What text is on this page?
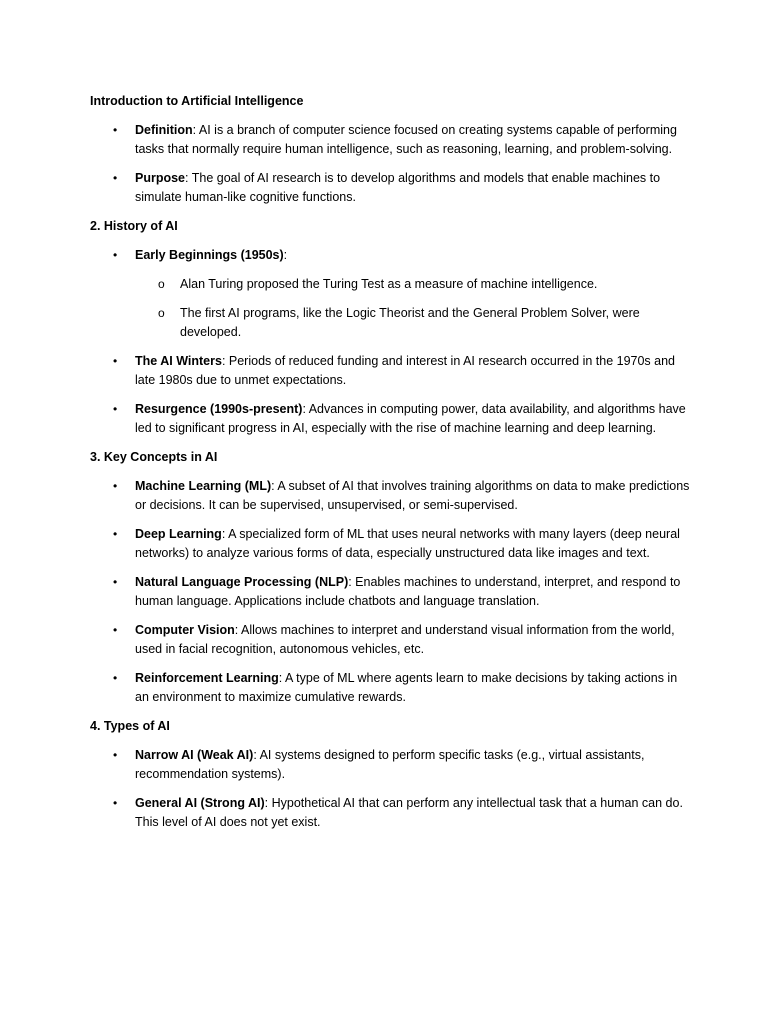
Introduction to Artificial Intelligence
•	Definition: AI is a branch of computer science focused on creating systems capable of performing tasks that normally require human intelligence, such as reasoning, learning, and problem-solving.
•	Purpose: The goal of AI research is to develop algorithms and models that enable machines to simulate human-like cognitive functions.
2. History of AI
•	Early Beginnings (1950s):
o Alan Turing proposed the Turing Test as a measure of machine intelligence.
o The first AI programs, like the Logic Theorist and the General Problem Solver, were developed.
•	The AI Winters: Periods of reduced funding and interest in AI research occurred in the 1970s and late 1980s due to unmet expectations.
•	Resurgence (1990s-present): Advances in computing power, data availability, and algorithms have led to significant progress in AI, especially with the rise of machine learning and deep learning.
3. Key Concepts in AI
•	Machine Learning (ML): A subset of AI that involves training algorithms on data to make predictions or decisions. It can be supervised, unsupervised, or semi-supervised.
•	Deep Learning: A specialized form of ML that uses neural networks with many layers (deep neural networks) to analyze various forms of data, especially unstructured data like images and text.
•	Natural Language Processing (NLP): Enables machines to understand, interpret, and respond to human language. Applications include chatbots and language translation.
•	Computer Vision: Allows machines to interpret and understand visual information from the world, used in facial recognition, autonomous vehicles, etc.
•	Reinforcement Learning: A type of ML where agents learn to make decisions by taking actions in an environment to maximize cumulative rewards.
4. Types of AI
•	Narrow AI (Weak AI): AI systems designed to perform specific tasks (e.g., virtual assistants, recommendation systems).
•	General AI (Strong AI): Hypothetical AI that can perform any intellectual task that a human can do. This level of AI does not yet exist.
